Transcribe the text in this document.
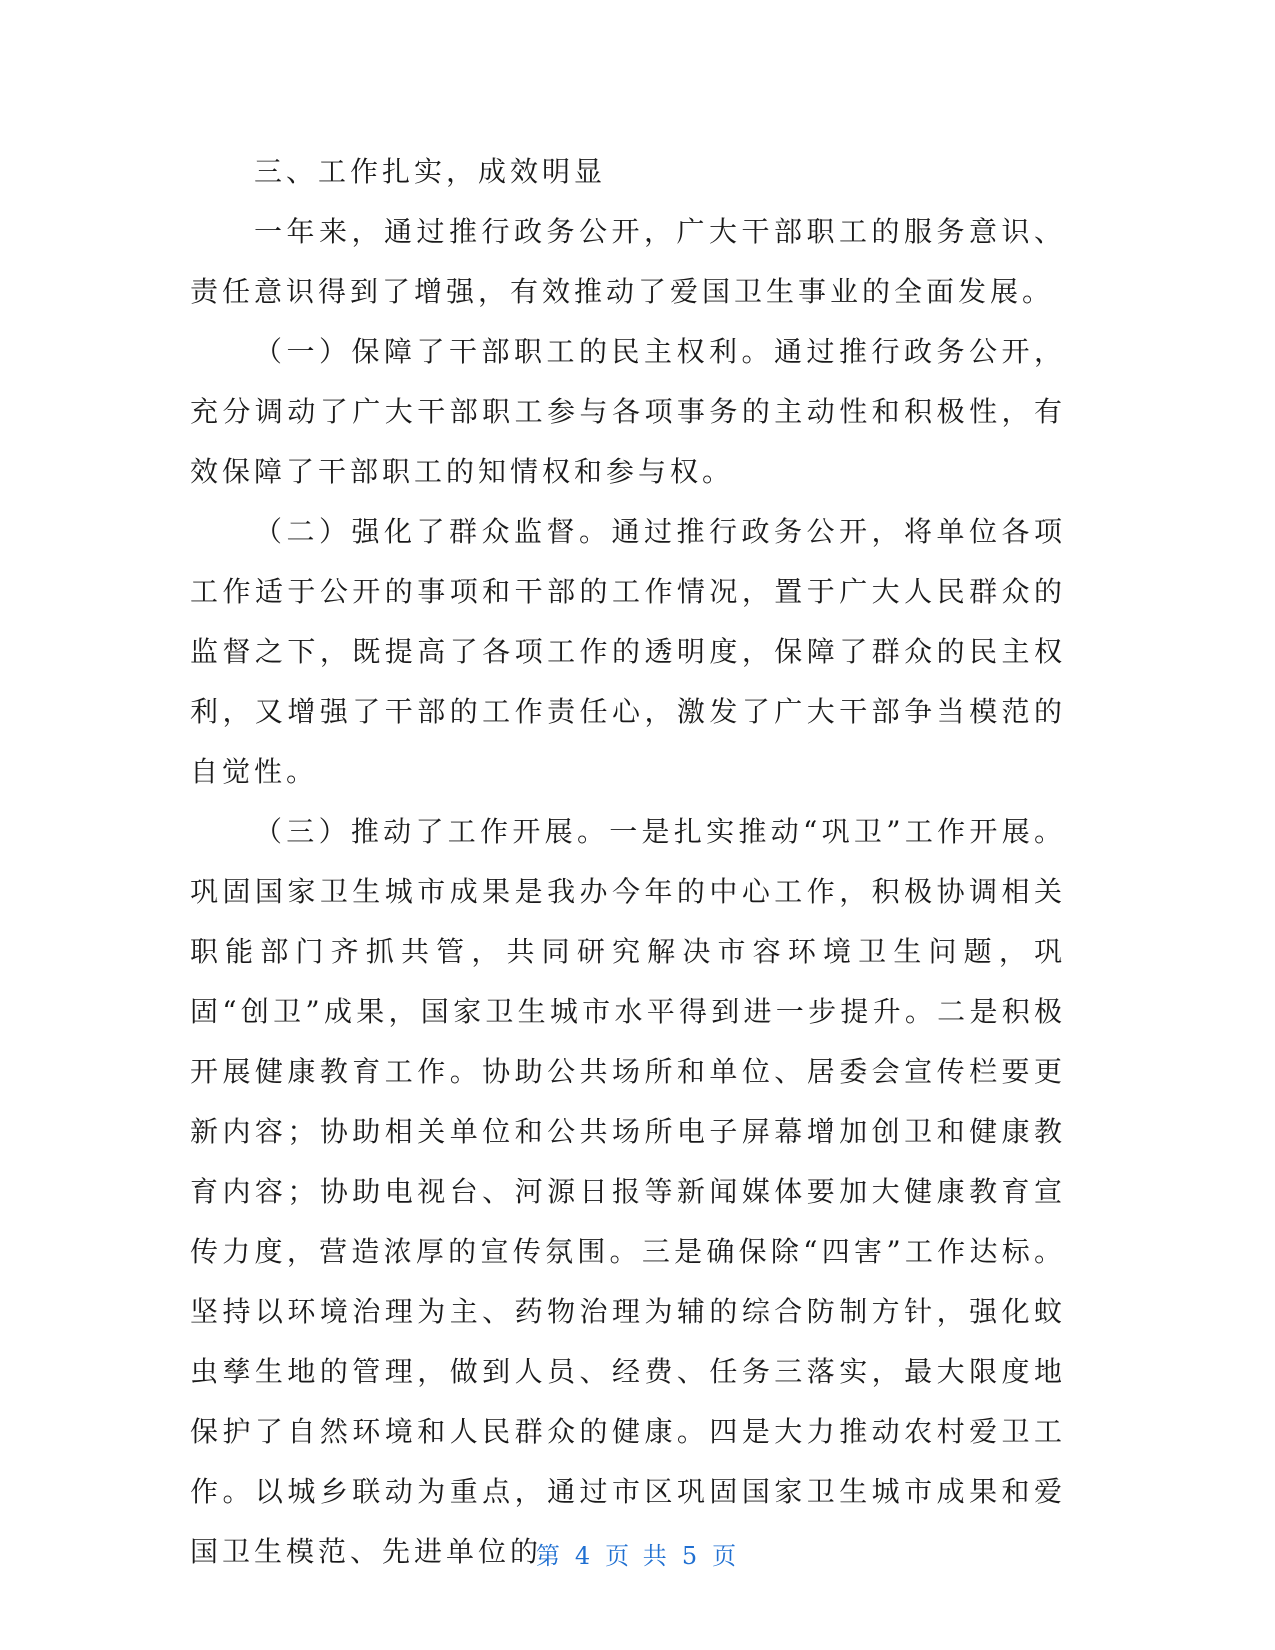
三、工作扎实，成效明显

一年来，通过推行政务公开，广大干部职工的服务意识、责任意识得到了增强，有效推动了爱国卫生事业的全面发展。

（一）保障了干部职工的民主权利。通过推行政务公开，充分调动了广大干部职工参与各项事务的主动性和积极性，有效保障了干部职工的知情权和参与权。

（二）强化了群众监督。通过推行政务公开，将单位各项工作适于公开的事项和干部的工作情况，置于广大人民群众的监督之下，既提高了各项工作的透明度，保障了群众的民主权利，又增强了干部的工作责任心，激发了广大干部争当模范的自觉性。

（三）推动了工作开展。一是扎实推动“巩卫”工作开展。巩固国家卫生城市成果是我办今年的中心工作，积极协调相关职能部门齐抓共管，共同研究解决市容环境卫生问题，巩固“创卫”成果，国家卫生城市水平得到进一步提升。二是积极开展健康教育工作。协助公共场所和单位、居委会宣传栏要更新内容；协助相关单位和公共场所电子屏幕增加创卫和健康教育内容；协助电视台、河源日报等新闻媒体要加大健康教育宣传力度，营造浓厚的宣传氛围。三是确保除“四害”工作达标。坚持以环境治理为主、药物治理为辅的综合防制方针，强化蚊虫孳生地的管理，做到人员、经费、任务三落实，最大限度地保护了自然环境和人民群众的健康。四是大力推动农村爱卫工作。以城乡联动为重点，通过市区巩固国家卫生城市成果和爱国卫生模范、先进单位的

第 4 页 共 5 页
